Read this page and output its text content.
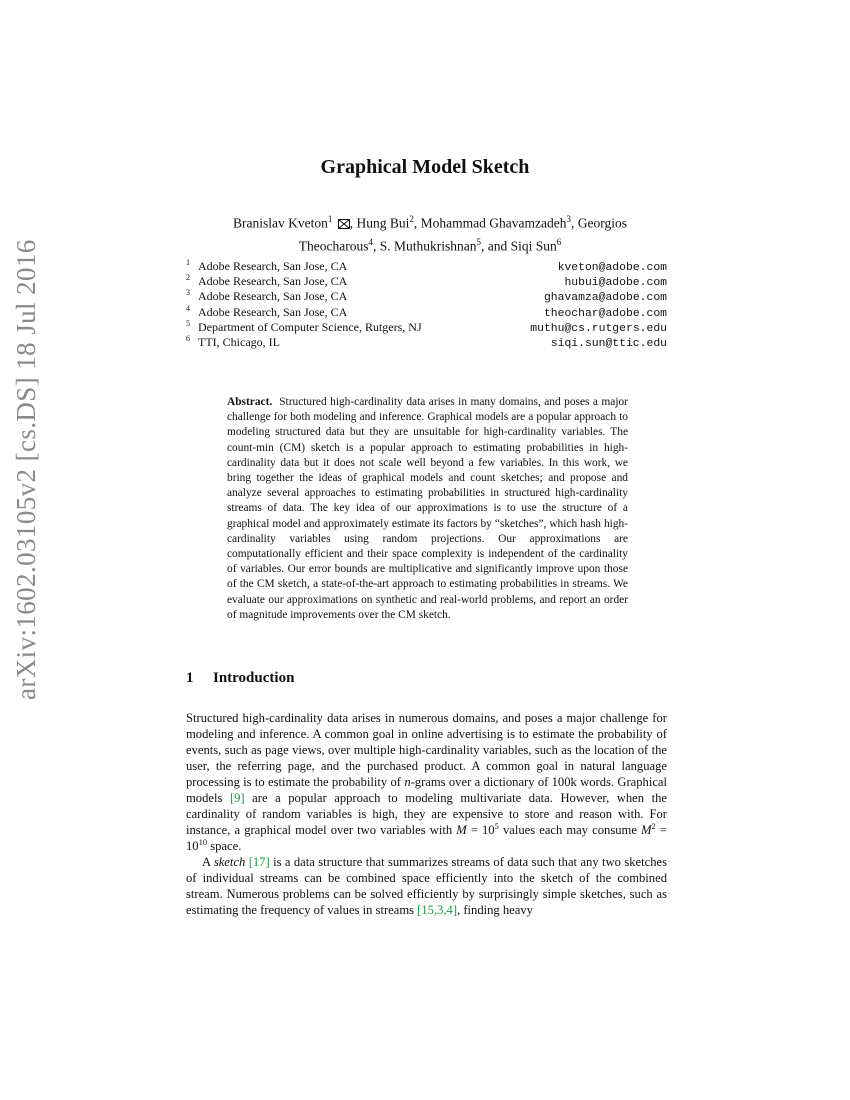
arXiv:1602.03105v2 [cs.DS] 18 Jul 2016
Graphical Model Sketch
Branislav Kveton$^1$ , Hung Bui$^2$, Mohammad Ghavamzadeh$^3$, Georgios Theocharous$^4$, S. Muthukrishnan$^5$, and Siqi Sun$^6$
$^1$ Adobe Research, San Jose, CA	kveton@adobe.com
$^2$ Adobe Research, San Jose, CA	hubui@adobe.com
$^3$ Adobe Research, San Jose, CA	ghavamza@adobe.com
$^4$ Adobe Research, San Jose, CA	theochar@adobe.com
$^5$ Department of Computer Science, Rutgers, NJ	muthu@cs.rutgers.edu
$^6$ TTI, Chicago, IL	siqi.sun@ttic.edu
Abstract. Structured high-cardinality data arises in many domains, and poses a major challenge for both modeling and inference. Graphical models are a popular approach to modeling structured data but they are unsuitable for high-cardinality variables. The count-min (CM) sketch is a popular approach to estimating probabilities in high-cardinality data but it does not scale well beyond a few variables. In this work, we bring together the ideas of graphical models and count sketches; and propose and analyze several approaches to estimating probabilities in structured high-cardinality streams of data. The key idea of our approximations is to use the structure of a graphical model and approximately estimate its factors by “sketches”, which hash high-cardinality variables using random projections. Our approximations are computationally efficient and their space complexity is independent of the cardinality of variables. Our error bounds are multiplicative and significantly improve upon those of the CM sketch, a state-of-the-art approach to estimating probabilities in streams. We evaluate our approximations on synthetic and real-world problems, and report an order of magnitude improvements over the CM sketch.
1 Introduction

Structured high-cardinality data arises in numerous domains, and poses a major challenge for modeling and inference. A common goal in online advertising is to estimate the probability of events, such as page views, over multiple high-cardinality variables, such as the location of the user, the referring page, and the purchased product. A common goal in natural language processing is to estimate the probability of n-grams over a dictionary of 100k words. Graphical models [9] are a popular approach to modeling multivariate data. However, when the cardinality of random variables is high, they are expensive to store and reason with. For instance, a graphical model over two variables with $M = 10^5$ values each may consume $M^2 = 10^{10}$ space.

A sketch [17] is a data structure that summarizes streams of data such that any two sketches of individual streams can be combined space efficiently into the sketch of the combined stream. Numerous problems can be solved efficiently by surprisingly simple sketches, such as estimating the frequency of values in streams [15,3,4], finding heavy
